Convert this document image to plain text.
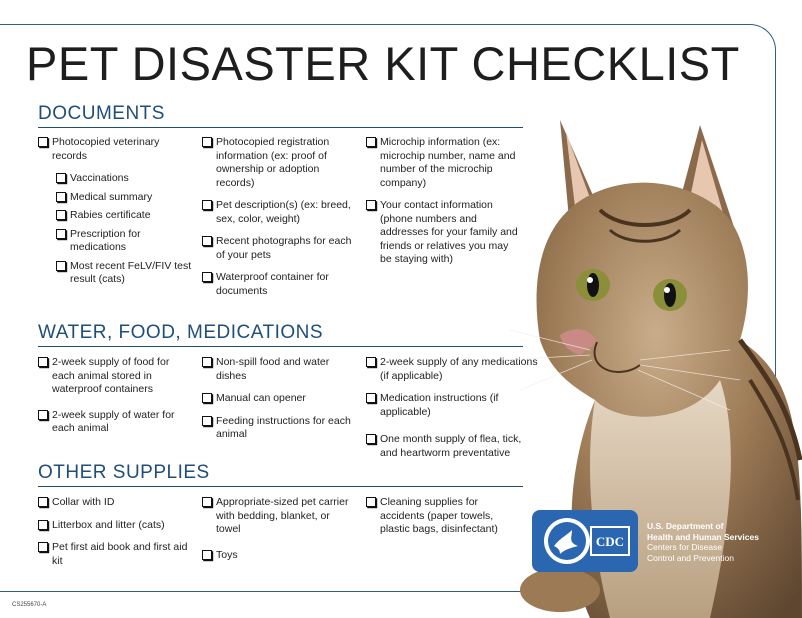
PET DISASTER KIT CHECKLIST
DOCUMENTS
WATER, FOOD, MEDICATIONS
OTHER SUPPLIES
Photocopied veterinary records
Vaccinations
Medical summary
Rabies certificate
Prescription for medications
Most recent FeLV/FIV test result (cats)
Photocopied registration information (ex: proof of ownership or adoption records)
Pet description(s) (ex: breed, sex, color, weight)
Recent photographs for each of your pets
Waterproof container for documents
Microchip information (ex: microchip number, name and number of the microchip company)
Your contact information (phone numbers and addresses for your family and friends or relatives you may be staying with)
2-week supply of food for each animal stored in waterproof containers
2-week supply of water for each animal
Non-spill food and water dishes
Manual can opener
Feeding instructions for each animal
2-week supply of any medications (if applicable)
Medication instructions (if applicable)
One month supply of flea, tick, and heartworm preventative
Collar with ID
Litterbox and litter (cats)
Pet first aid book and first aid kit
Appropriate-sized pet carrier with bedding, blanket, or towel
Toys
Cleaning supplies for accidents (paper towels, plastic bags, disinfectant)
CDC
U.S. Department of
Health and Human Services
Centers for Disease
Control and Prevention
CS255670-A
